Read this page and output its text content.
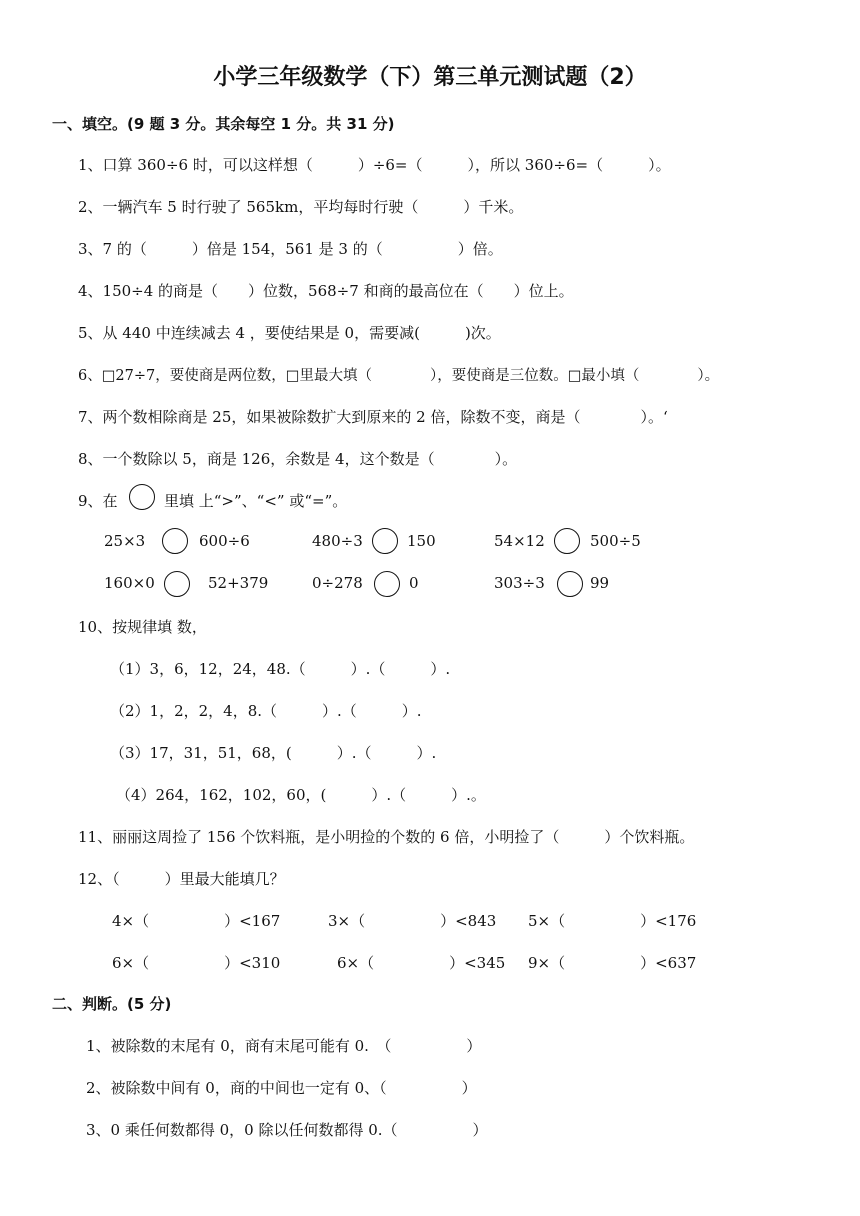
小学三年级数学（下）第三单元测试题（2）
一、填空。(9 题 3 分。其余每空 1 分。共 31 分)
1、口算 360÷6 时，可以这样想（　　　）÷6=（　　　），所以 360÷6=（　　　）。
2、一辆汽车 5 时行驶了 565km，平均每时行驶（　　　）千米。
3、7 的（　　　）倍是 154，561 是 3 的（　　　　　）倍。
4、150÷4 的商是（　　）位数，568÷7 和商的最高位在（　　）位上。
5、从 440 中连续减去 4 ，要使结果是 0，需要减(　　　)次。
6、□27÷7，要使商是两位数，□里最大填（　　　　），要使商是三位数。□最小填（　　　　）。
7、两个数相除商是 25，如果被除数扩大到原来的 2 倍，除数不变，商是（　　　　）。‘
8、一个数除以 5，商是 126，余数是 4，这个数是（　　　　）。
9、在	里填 上“>”、“<” 或“=”。
25×3	600÷6	480÷3	150	54×12	500÷5
160×0	52+379	0÷278	0	303÷3	99
10、按规律填 数，
（1）3，6，12，24，48.（　　　）.（　　　）.
（2）1，2，2，4，8.（　　　）.（　　　）.
（3）17，31，51，68，(　　　）.（　　　）.
（4）264，162，102，60，(　　　）.（　　　）.。
11、丽丽这周捡了 156 个饮料瓶，是小明捡的个数的 6 倍，小明捡了（　　　）个饮料瓶。
12、（　　　）里最大能填几？
4×（　　　　　）<167	3×（　　　　　）<843 5×（　　　　　）<176
6×（　　　　　）<310	6×（　　　　　）<345 9×（　　　　　）<637
二、判断。(5 分)
1、被除数的末尾有 0，商有末尾可能有 0.　（　　　　　）
2、被除数中间有 0，商的中间也一定有 0、（　　　　　）
3、0 乘任何数都得 0，0 除以任何数都得 0.（　　　　　）
